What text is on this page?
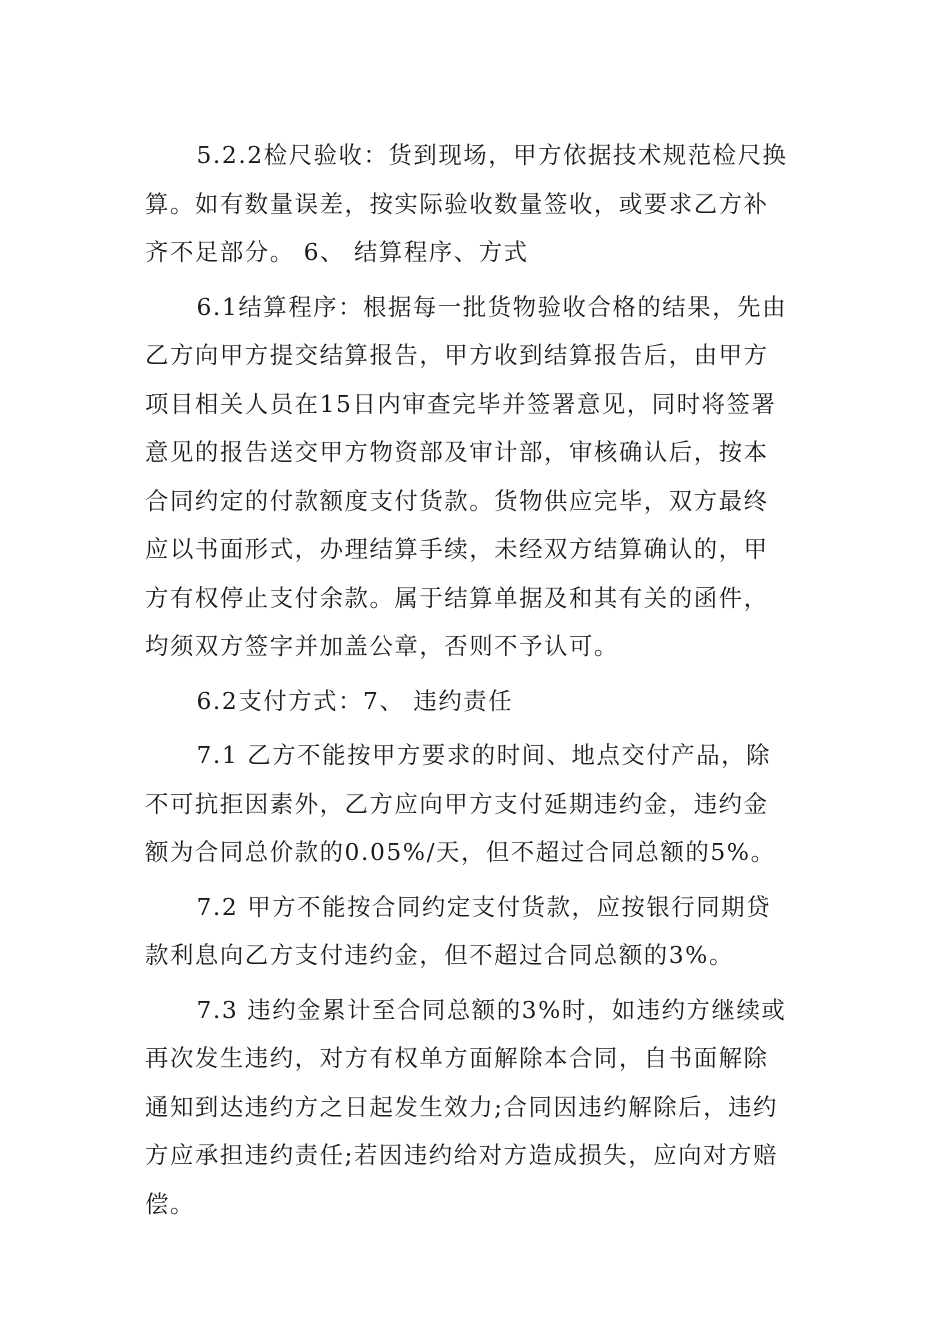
5.2.2检尺验收：货到现场，甲方依据技术规范检尺换
算。如有数量误差，按实际验收数量签收，或要求乙方补
齐不足部分。 6、 结算程序、方式
6.1结算程序：根据每一批货物验收合格的结果，先由
乙方向甲方提交结算报告，甲方收到结算报告后，由甲方
项目相关人员在15日内审查完毕并签署意见，同时将签署
意见的报告送交甲方物资部及审计部，审核确认后，按本
合同约定的付款额度支付货款。货物供应完毕，双方最终
应以书面形式，办理结算手续，未经双方结算确认的，甲
方有权停止支付余款。属于结算单据及和其有关的函件，
均须双方签字并加盖公章，否则不予认可。
6.2支付方式：7、 违约责任
7.1 乙方不能按甲方要求的时间、地点交付产品，除
不可抗拒因素外，乙方应向甲方支付延期违约金，违约金
额为合同总价款的0.05%/天，但不超过合同总额的5%。
7.2 甲方不能按合同约定支付货款，应按银行同期贷
款利息向乙方支付违约金，但不超过合同总额的3%。
7.3 违约金累计至合同总额的3%时，如违约方继续或
再次发生违约，对方有权单方面解除本合同，自书面解除
通知到达违约方之日起发生效力;合同因违约解除后，违约
方应承担违约责任;若因违约给对方造成损失，应向对方赔
偿。
